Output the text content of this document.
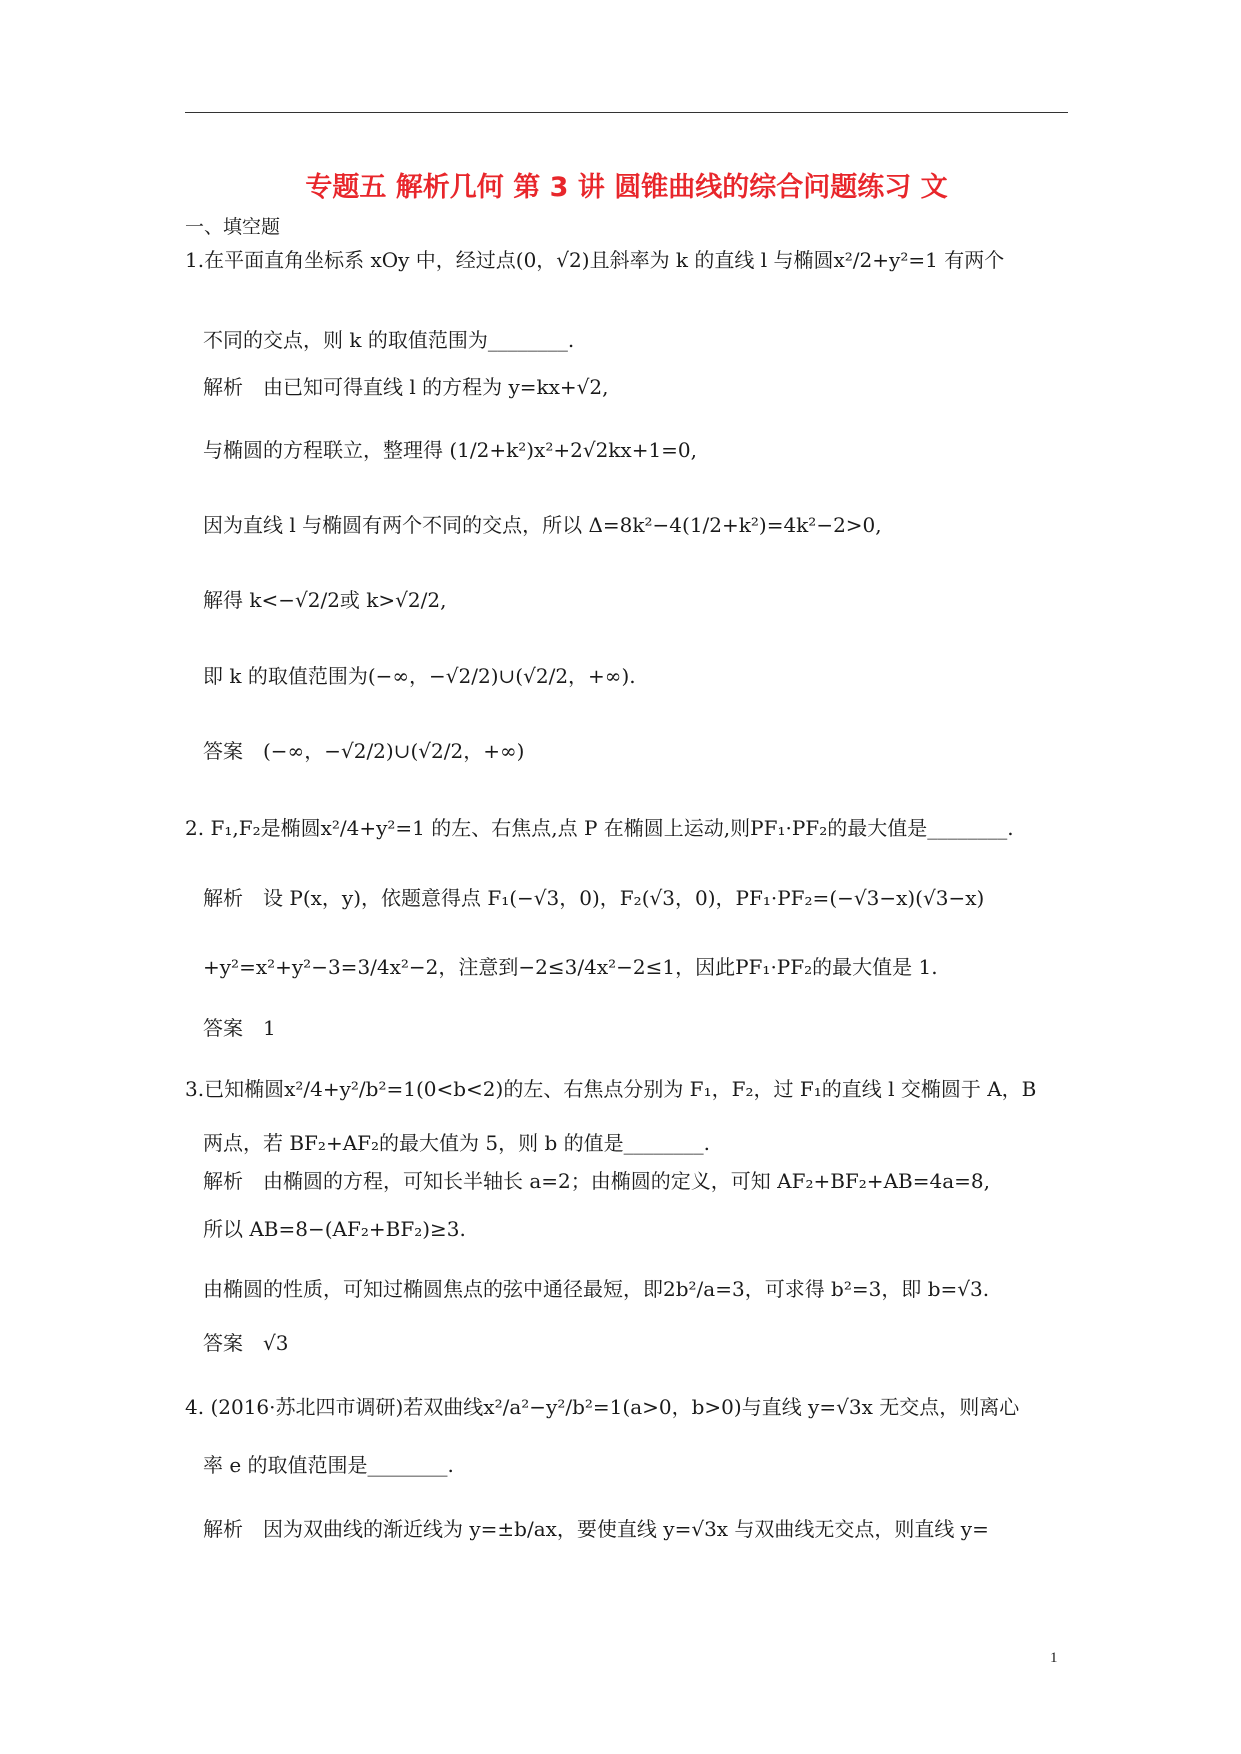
专题五 解析几何 第 3 讲 圆锥曲线的综合问题练习 文
一、填空题
1.在平面直角坐标系 xOy 中，经过点(0，√2)且斜率为 k 的直线 l 与椭圆x²/2+y²=1 有两个
不同的交点，则 k 的取值范围为________.
解析　由已知可得直线 l 的方程为 y=kx+√2,
与椭圆的方程联立，整理得 (1/2+k²)x²+2√2kx+1=0,
因为直线 l 与椭圆有两个不同的交点，所以 Δ=8k²−4(1/2+k²)=4k²−2>0,
解得 k<−√2/2或 k>√2/2,
即 k 的取值范围为(−∞，−√2/2)∪(√2/2，+∞).
答案　(−∞，−√2/2)∪(√2/2，+∞)
2. F₁,F₂是椭圆x²/4+y²=1 的左、右焦点,点 P 在椭圆上运动,则PF₁·PF₂的最大值是________.
解析　设 P(x，y)，依题意得点 F₁(−√3，0)，F₂(√3，0)，PF₁·PF₂=(−√3−x)(√3−x)
+y²=x²+y²−3=3/4x²−2，注意到−2≤3/4x²−2≤1，因此PF₁·PF₂的最大值是 1.
答案　1
3.已知椭圆x²/4+y²/b²=1(0<b<2)的左、右焦点分别为 F₁，F₂，过 F₁的直线 l 交椭圆于 A，B
两点，若 BF₂+AF₂的最大值为 5，则 b 的值是________.
解析　由椭圆的方程，可知长半轴长 a=2；由椭圆的定义，可知 AF₂+BF₂+AB=4a=8,
所以 AB=8−(AF₂+BF₂)≥3.
由椭圆的性质，可知过椭圆焦点的弦中通径最短，即2b²/a=3，可求得 b²=3，即 b=√3.
答案　√3
4. (2016·苏北四市调研)若双曲线x²/a²−y²/b²=1(a>0，b>0)与直线 y=√3x 无交点，则离心
率 e 的取值范围是________.
解析　因为双曲线的渐近线为 y=±b/ax，要使直线 y=√3x 与双曲线无交点，则直线 y=
1
